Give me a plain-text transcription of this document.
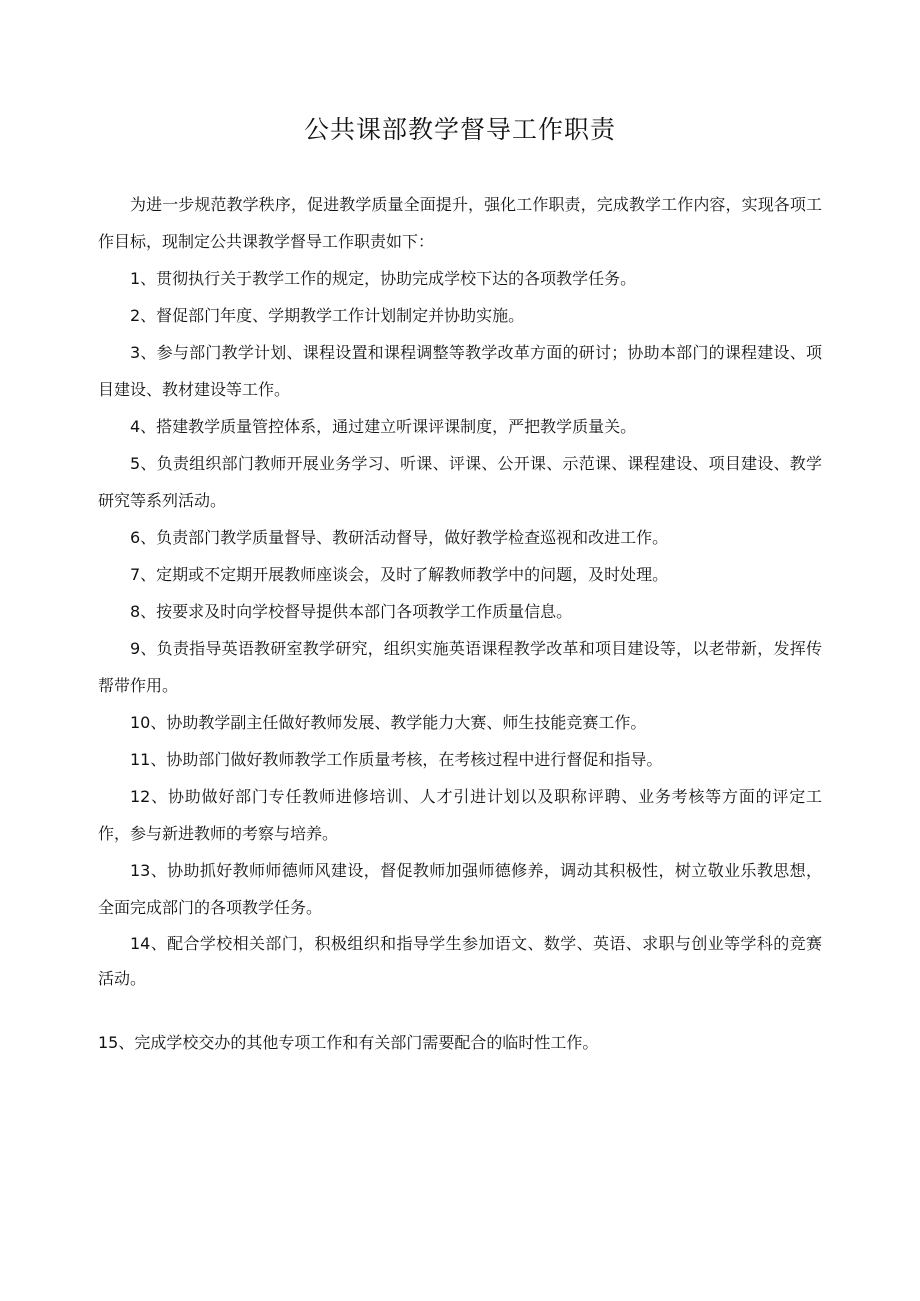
公共课部教学督导工作职责

为进一步规范教学秩序，促进教学质量全面提升，强化工作职责，完成教学工作内容，实现各项工作目标，现制定公共课教学督导工作职责如下：

1、贯彻执行关于教学工作的规定，协助完成学校下达的各项教学任务。

2、督促部门年度、学期教学工作计划制定并协助实施。

3、参与部门教学计划、课程设置和课程调整等教学改革方面的研讨；协助本部门的课程建设、项目建设、教材建设等工作。

4、搭建教学质量管控体系，通过建立听课评课制度，严把教学质量关。

5、负责组织部门教师开展业务学习、听课、评课、公开课、示范课、课程建设、项目建设、教学研究等系列活动。

6、负责部门教学质量督导、教研活动督导，做好教学检查巡视和改进工作。

7、定期或不定期开展教师座谈会，及时了解教师教学中的问题，及时处理。

8、按要求及时向学校督导提供本部门各项教学工作质量信息。

9、负责指导英语教研室教学研究，组织实施英语课程教学改革和项目建设等，以老带新，发挥传帮带作用。

10、协助教学副主任做好教师发展、教学能力大赛、师生技能竞赛工作。

11、协助部门做好教师教学工作质量考核，在考核过程中进行督促和指导。

12、协助做好部门专任教师进修培训、人才引进计划以及职称评聘、业务考核等方面的评定工作，参与新进教师的考察与培养。

13、协助抓好教师师德师风建设，督促教师加强师德修养，调动其积极性，树立敬业乐教思想，全面完成部门的各项教学任务。

14、配合学校相关部门，积极组织和指导学生参加语文、数学、英语、求职与创业等学科的竞赛活动。

15、完成学校交办的其他专项工作和有关部门需要配合的临时性工作。
